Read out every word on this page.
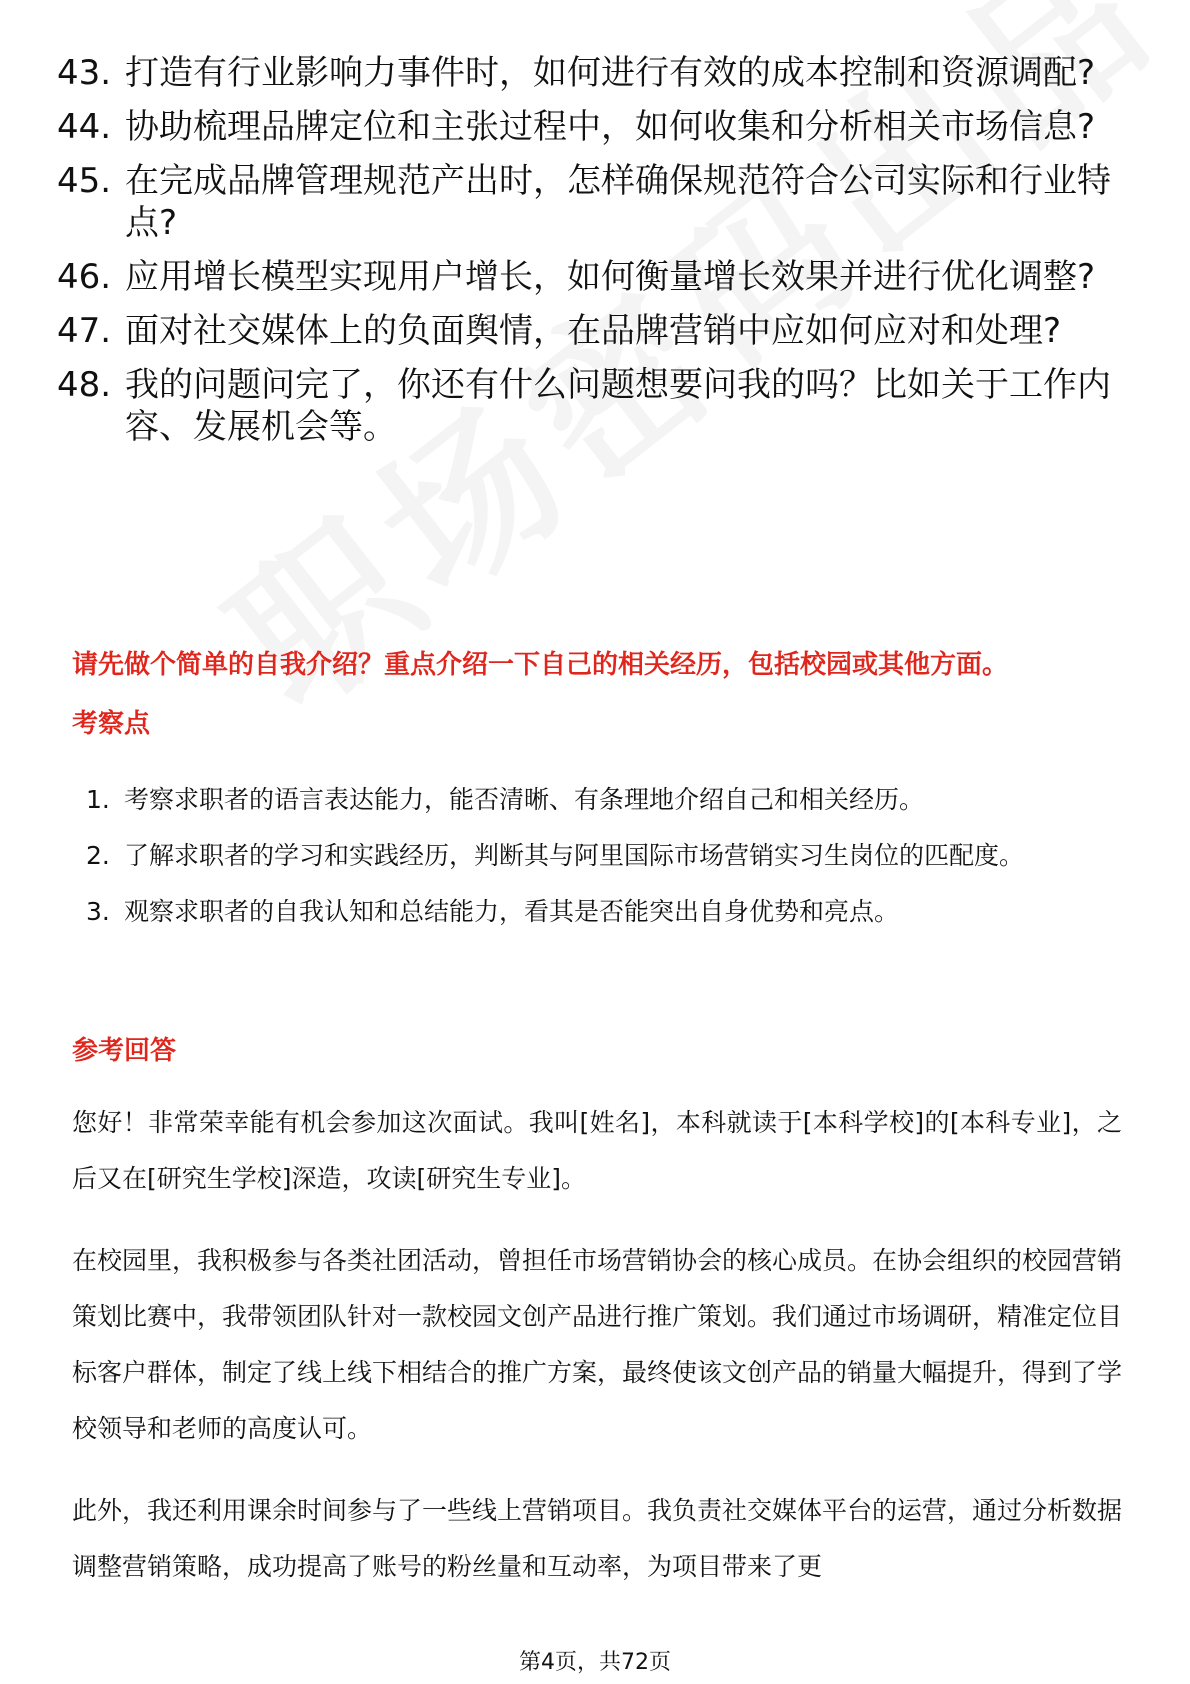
43. 打造有行业影响力事件时，如何进行有效的成本控制和资源调配?
44. 协助梳理品牌定位和主张过程中，如何收集和分析相关市场信息?
45. 在完成品牌管理规范产出时，怎样确保规范符合公司实际和行业特点?
46. 应用增长模型实现用户增长，如何衡量增长效果并进行优化调整?
47. 面对社交媒体上的负面舆情，在品牌营销中应如何应对和处理?
48. 我的问题问完了，你还有什么问题想要问我的吗？比如关于工作内容、发展机会等。
请先做个简单的自我介绍？重点介绍一下自己的相关经历，包括校园或其他方面。
考察点
1. 考察求职者的语言表达能力，能否清晰、有条理地介绍自己和相关经历。
2. 了解求职者的学习和实践经历，判断其与阿里国际市场营销实习生岗位的匹配度。
3. 观察求职者的自我认知和总结能力，看其是否能突出自身优势和亮点。
参考回答
您好！非常荣幸能有机会参加这次面试。我叫[姓名]，本科就读于[本科学校]的[本科专业]，之后又在[研究生学校]深造，攻读[研究生专业]。
在校园里，我积极参与各类社团活动，曾担任市场营销协会的核心成员。在协会组织的校园营销策划比赛中，我带领团队针对一款校园文创产品进行推广策划。我们通过市场调研，精准定位目标客户群体，制定了线上线下相结合的推广方案，最终使该文创产品的销量大幅提升，得到了学校领导和老师的高度认可。
此外，我还利用课余时间参与了一些线上营销项目。我负责社交媒体平台的运营，通过分析数据调整营销策略，成功提高了账号的粉丝量和互动率，为项目带来了更
第4页，共72页
